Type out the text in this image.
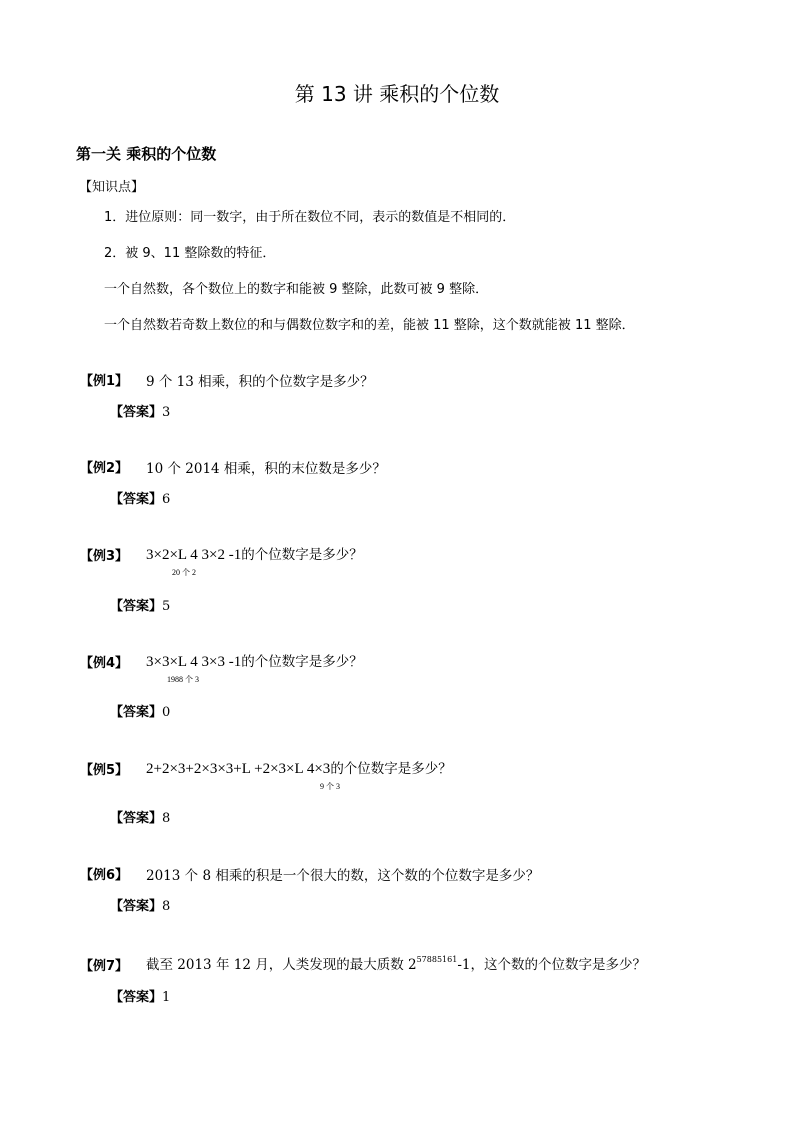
第 13 讲 乘积的个位数
第一关 乘积的个位数
【知识点】
1．进位原则：同一数字，由于所在数位不同，表示的数值是不相同的．
2．被 9、11 整除数的特征．
一个自然数，各个数位上的数字和能被 9 整除，此数可被 9 整除．
一个自然数若奇数上数位的和与偶数位数字和的差，能被 11 整除，这个数就能被 11 整除．
【例1】 9 个 13 相乘，积的个位数字是多少？
【答案】3
【例2】 10 个 2014 相乘，积的末位数是多少？
【答案】6
【例3】 3×2×L 4 3×2 -1的个位数字是多少？
20 个 2
【答案】5
【例4】 3×3×L 4 3×3 -1的个位数字是多少？
1988 个 3
【答案】0
【例5】 2+2×3+2×3×3+L +2×3×L 4×3的个位数字是多少？
9 个 3
【答案】8
【例6】 2013 个 8 相乘的积是一个很大的数，这个数的个位数字是多少？
【答案】8
【例7】 截至 2013 年 12 月，人类发现的最大质数 $2^{57885161}-1$，这个数的个位数字是多少？
【答案】1
